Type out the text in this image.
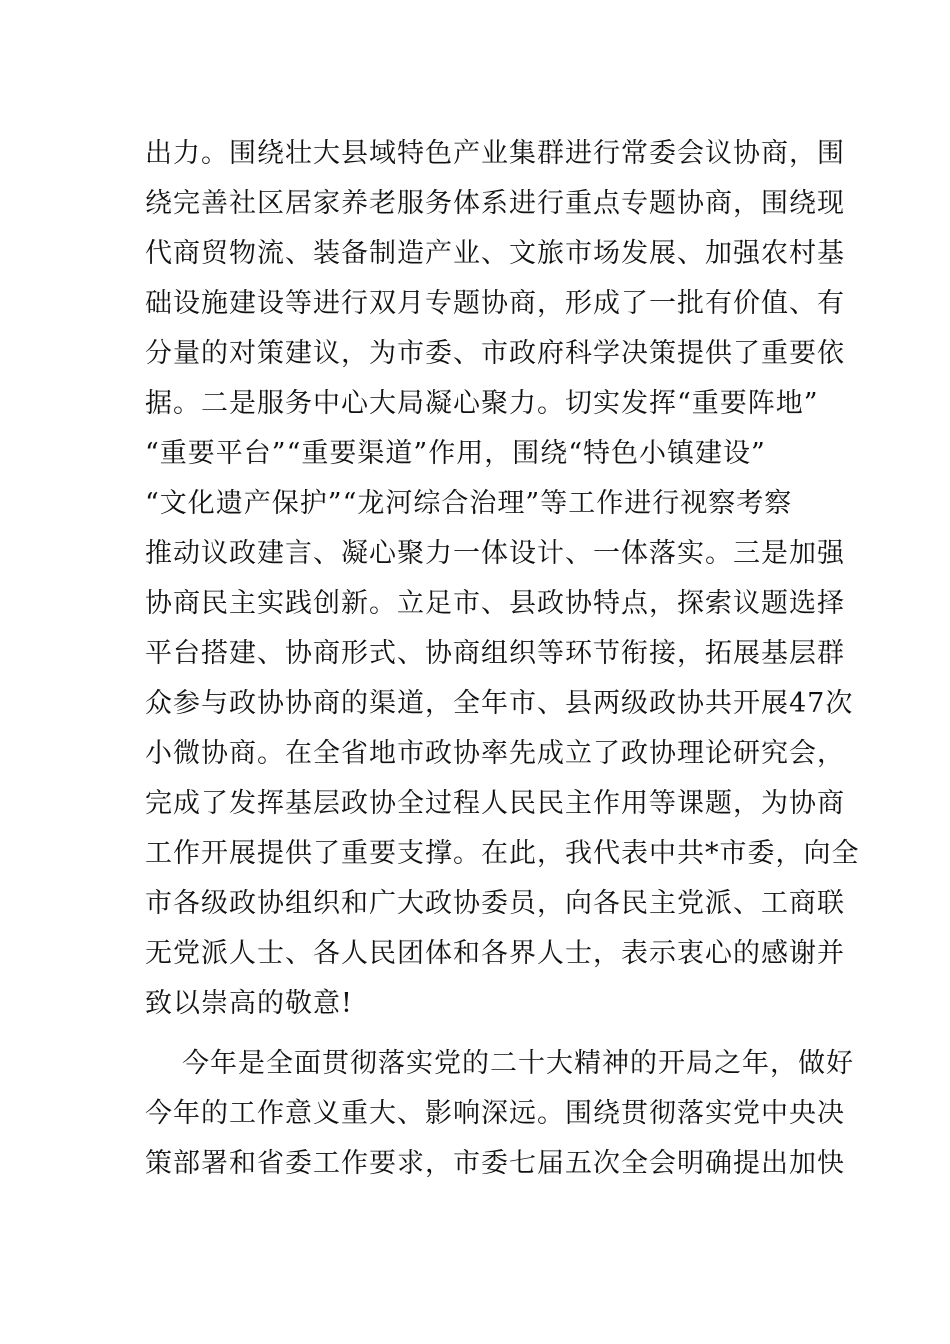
出力。围绕壮大县域特色产业集群进行常委会议协商，围
绕完善社区居家养老服务体系进行重点专题协商，围绕现
代商贸物流、装备制造产业、文旅市场发展、加强农村基
础设施建设等进行双月专题协商，形成了一批有价值、有
分量的对策建议，为市委、市政府科学决策提供了重要依
据。二是服务中心大局凝心聚力。切实发挥“重要阵地”
“重要平台”“重要渠道”作用，围绕“特色小镇建设”
“文化遗产保护”“龙河综合治理”等工作进行视察考察
推动议政建言、凝心聚力一体设计、一体落实。三是加强
协商民主实践创新。立足市、县政协特点，探索议题选择
平台搭建、协商形式、协商组织等环节衔接，拓展基层群
众参与政协协商的渠道，全年市、县两级政协共开展47次
小微协商。在全省地市政协率先成立了政协理论研究会，
完成了发挥基层政协全过程人民民主作用等课题，为协商
工作开展提供了重要支撑。在此，我代表中共*市委，向全
市各级政协组织和广大政协委员，向各民主党派、工商联
无党派人士、各人民团体和各界人士，表示衷心的感谢并
致以崇高的敬意!
今年是全面贯彻落实党的二十大精神的开局之年，做好
今年的工作意义重大、影响深远。围绕贯彻落实党中央决
策部署和省委工作要求，市委七届五次全会明确提出加快
